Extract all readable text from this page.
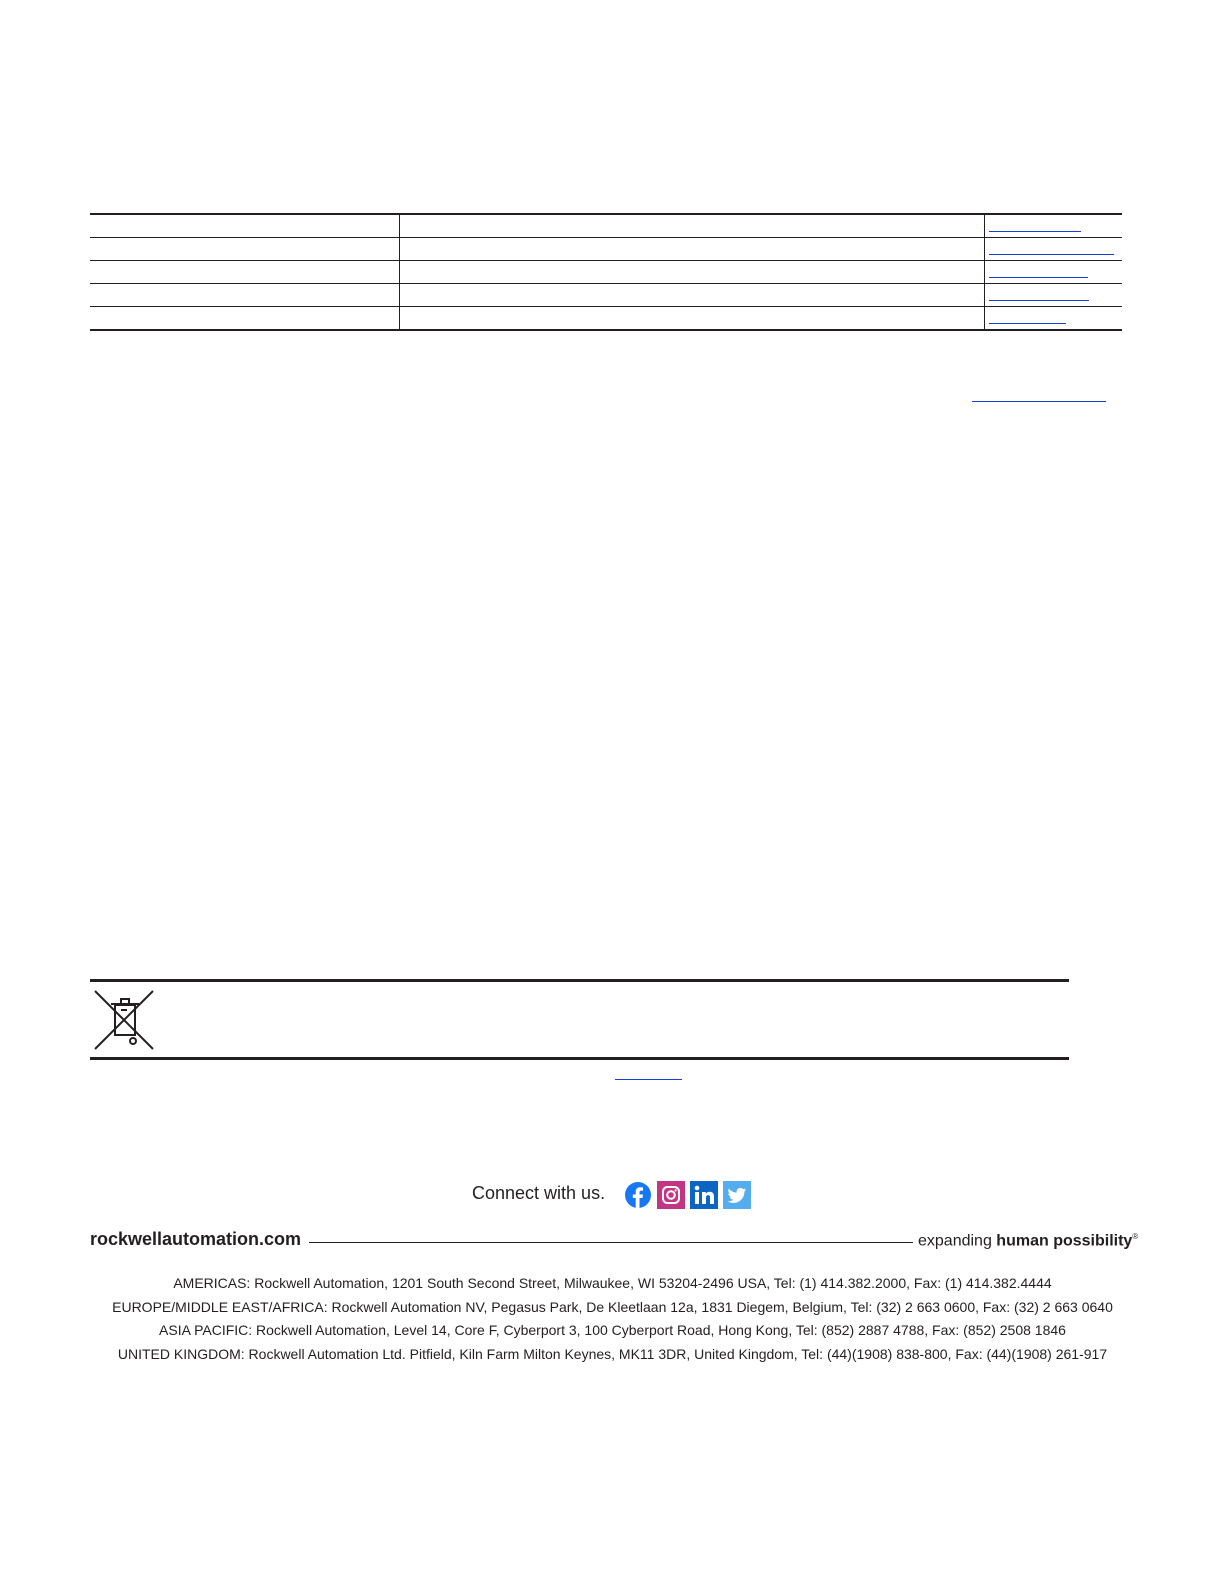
Connect with us.
rockwellautomation.com	expanding human possibility®
AMERICAS: Rockwell Automation, 1201 South Second Street, Milwaukee, WI 53204-2496 USA, Tel: (1) 414.382.2000, Fax: (1) 414.382.4444
EUROPE/MIDDLE EAST/AFRICA: Rockwell Automation NV, Pegasus Park, De Kleetlaan 12a, 1831 Diegem, Belgium, Tel: (32) 2 663 0600, Fax: (32) 2 663 0640
ASIA PACIFIC: Rockwell Automation, Level 14, Core F, Cyberport 3, 100 Cyberport Road, Hong Kong, Tel: (852) 2887 4788, Fax: (852) 2508 1846
UNITED KINGDOM: Rockwell Automation Ltd. Pitfield, Kiln Farm Milton Keynes, MK11 3DR, United Kingdom, Tel: (44)(1908) 838-800, Fax: (44)(1908) 261-917
